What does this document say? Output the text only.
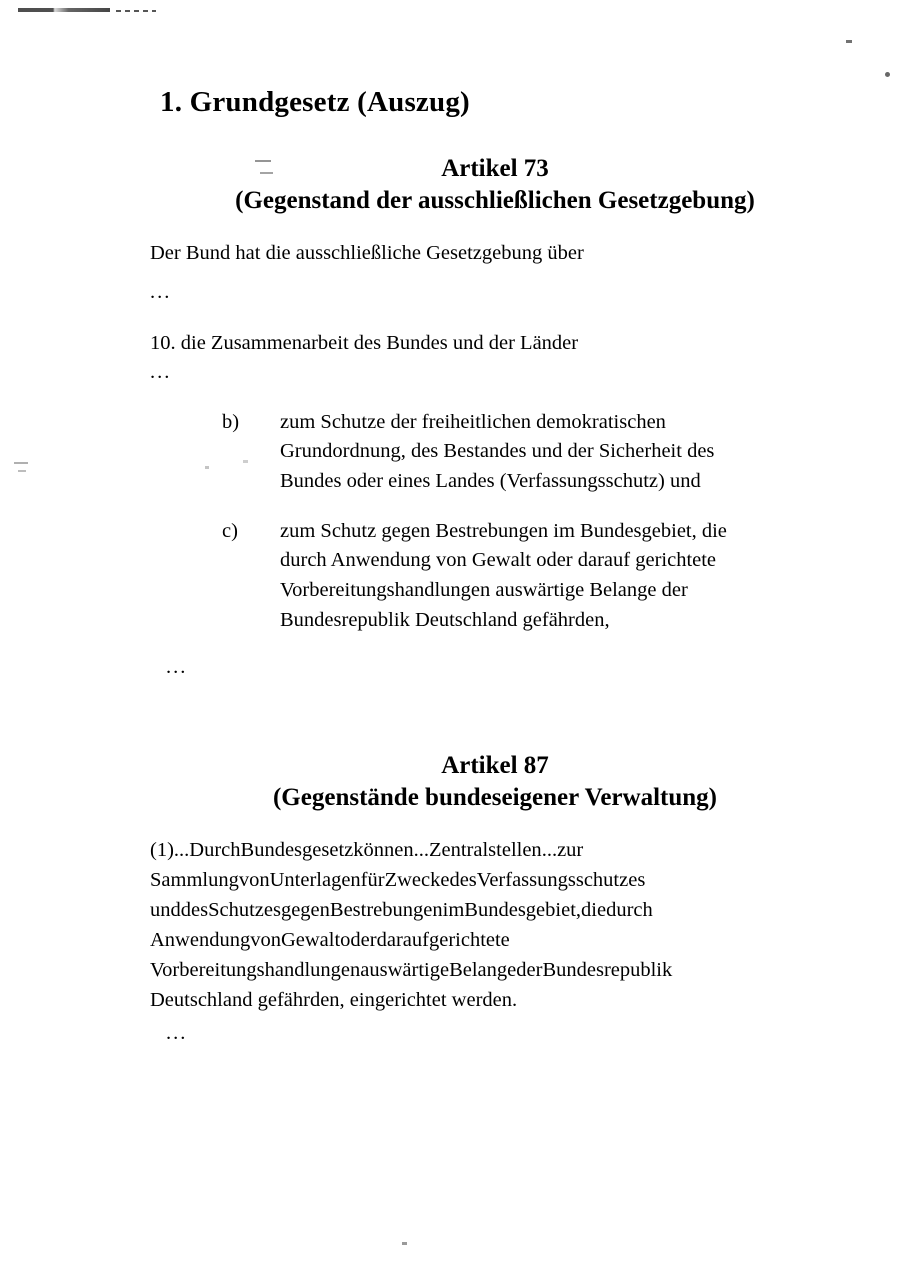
1. Grundgesetz (Auszug)
Artikel 73
(Gegenstand der ausschließlichen Gesetzgebung)

Der Bund hat die ausschließliche Gesetzgebung über

...

10. die Zusammenarbeit des Bundes und der Länder

...

b)	zum Schutze der freiheitlichen demokratischen
Grundordnung, des Bestandes und der Sicherheit des
Bundes oder eines Landes (Verfassungsschutz) und
c)	zum Schutz gegen Bestrebungen im Bundesgebiet, die
durch Anwendung von Gewalt oder darauf gerichtete
Vorbereitungshandlungen auswärtige Belange der
Bundesrepublik Deutschland gefährden,

...

Artikel 87
(Gegenstände bundeseigener Verwaltung)
(1)...DurchBundesgesetzkönnen...Zentralstellen...zur
SammlungvonUnterlagenfürZweckedesVerfassungsschutzes
unddesSchutzesgegenBestrebungenimBundesgebiet,diedurch
AnwendungvonGewaltoderdaraufgerichtete
VorbereitungshandlungenauswärtigeBelangederBundesrepublik
Deutschland gefährden, eingerichtet werden.

...
